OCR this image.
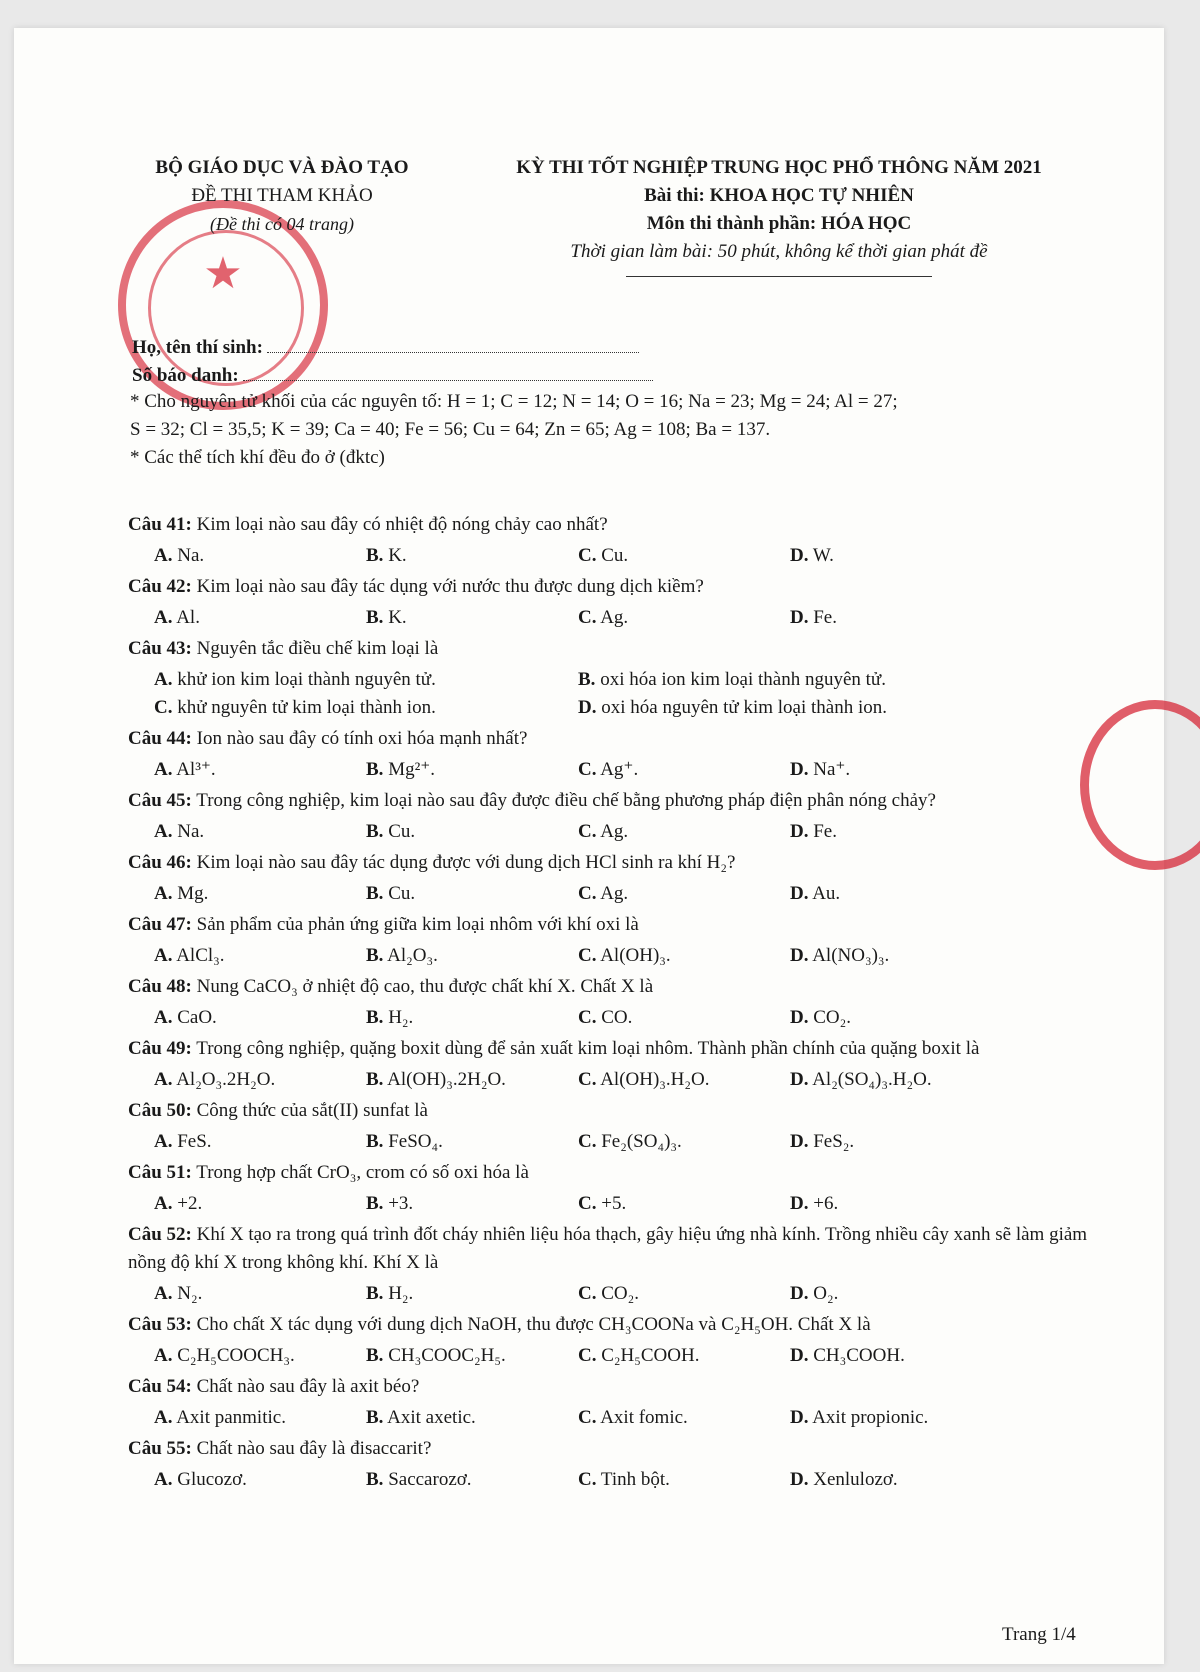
★
BỘ GIÁO DỤC VÀ ĐÀO TẠO
ĐỀ THI THAM KHẢO
(Đề thi có 04 trang)
KỲ THI TỐT NGHIỆP TRUNG HỌC PHỔ THÔNG NĂM 2021
Bài thi: KHOA HỌC TỰ NHIÊN
Môn thi thành phần: HÓA HỌC
Thời gian làm bài: 50 phút, không kể thời gian phát đề
Họ, tên thí sinh:
Số báo danh:
* Cho nguyên tử khối của các nguyên tố: H = 1; C = 12; N = 14; O = 16; Na = 23; Mg = 24; Al = 27;
S = 32; Cl = 35,5; K = 39; Ca = 40; Fe = 56; Cu = 64; Zn = 65; Ag = 108; Ba = 137.
* Các thể tích khí đều đo ở (đktc)

Câu 41: Kim loại nào sau đây có nhiệt độ nóng chảy cao nhất?

A. Na.	B. K.	C. Cu.	D. W.

Câu 42: Kim loại nào sau đây tác dụng với nước thu được dung dịch kiềm?

A. Al.	B. K.	C. Ag.	D. Fe.

Câu 43: Nguyên tắc điều chế kim loại là

A. khử ion kim loại thành nguyên tử.	B. oxi hóa ion kim loại thành nguyên tử.
C. khử nguyên tử kim loại thành ion.	D. oxi hóa nguyên tử kim loại thành ion.

Câu 44: Ion nào sau đây có tính oxi hóa mạnh nhất?

A. Al³⁺.	B. Mg²⁺.	C. Ag⁺.	D. Na⁺.

Câu 45: Trong công nghiệp, kim loại nào sau đây được điều chế bằng phương pháp điện phân nóng chảy?

A. Na.	B. Cu.	C. Ag.	D. Fe.

Câu 46: Kim loại nào sau đây tác dụng được với dung dịch HCl sinh ra khí H₂?

A. Mg.	B. Cu.	C. Ag.	D. Au.

Câu 47: Sản phẩm của phản ứng giữa kim loại nhôm với khí oxi là

A. AlCl₃.	B. Al₂O₃.	C. Al(OH)₃.	D. Al(NO₃)₃.

Câu 48: Nung CaCO₃ ở nhiệt độ cao, thu được chất khí X. Chất X là

A. CaO.	B. H₂.	C. CO.	D. CO₂.

Câu 49: Trong công nghiệp, quặng boxit dùng để sản xuất kim loại nhôm. Thành phần chính của quặng boxit là

A. Al₂O₃.2H₂O.	B. Al(OH)₃.2H₂O.	C. Al(OH)₃.H₂O.	D. Al₂(SO₄)₃.H₂O.

Câu 50: Công thức của sắt(II) sunfat là

A. FeS.	B. FeSO₄.	C. Fe₂(SO₄)₃.	D. FeS₂.

Câu 51: Trong hợp chất CrO₃, crom có số oxi hóa là

A. +2.	B. +3.	C. +5.	D. +6.

Câu 52: Khí X tạo ra trong quá trình đốt cháy nhiên liệu hóa thạch, gây hiệu ứng nhà kính. Trồng nhiều cây xanh sẽ làm giảm nồng độ khí X trong không khí. Khí X là

A. N₂.	B. H₂.	C. CO₂.	D. O₂.

Câu 53: Cho chất X tác dụng với dung dịch NaOH, thu được CH₃COONa và C₂H₅OH. Chất X là

A. C₂H₅COOCH₃.	B. CH₃COOC₂H₅.	C. C₂H₅COOH.	D. CH₃COOH.

Câu 54: Chất nào sau đây là axit béo?

A. Axit panmitic.	B. Axit axetic.	C. Axit fomic.	D. Axit propionic.

Câu 55: Chất nào sau đây là đisaccarit?

A. Glucozơ.	B. Saccarozơ.	C. Tinh bột.	D. Xenlulozơ.
Trang 1/4
